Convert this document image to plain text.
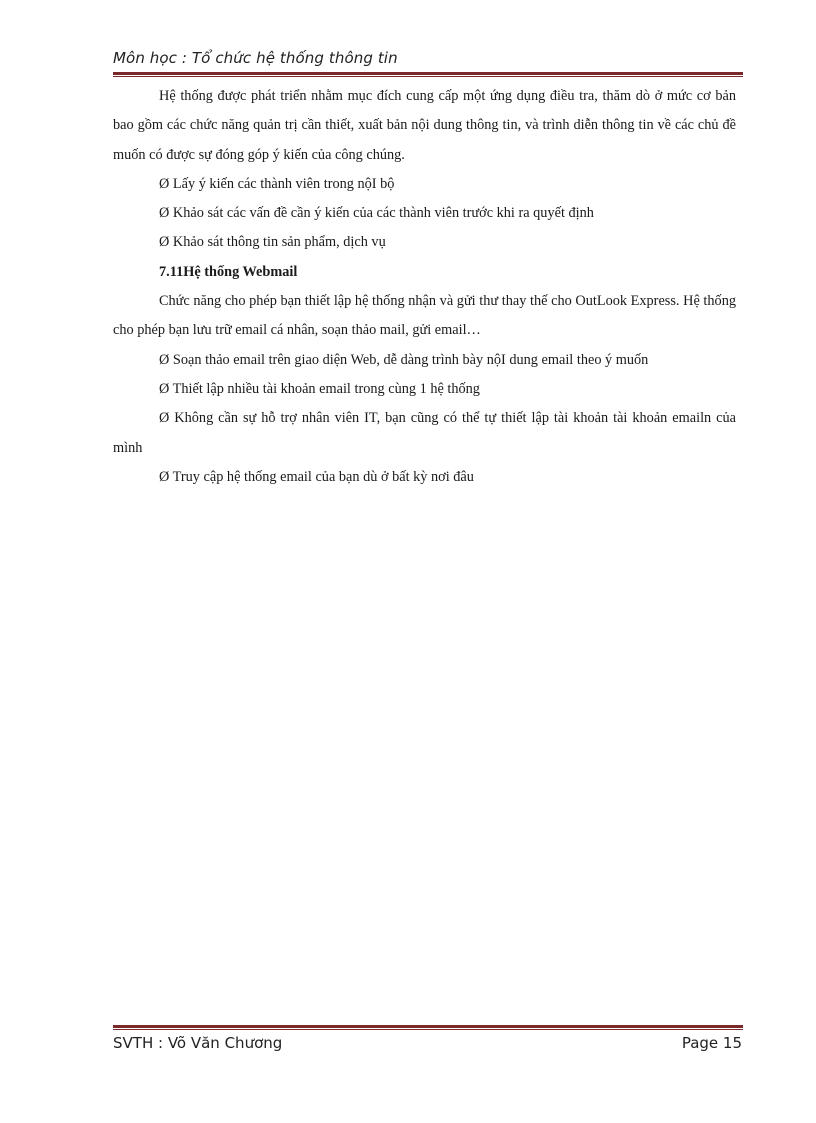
Môn học : Tổ chức hệ thống thông tin

Hệ thống được phát triển nhằm mục đích cung cấp một ứng dụng điều tra, thăm dò ở mức cơ bản bao gồm các chức năng quản trị cần thiết, xuất bản nội dung thông tin, và trình diễn thông tin về các chủ đề muốn có được sự đóng góp ý kiến của công chúng.

Ø Lấy ý kiến các thành viên trong nộI bộ

Ø Khảo sát các vấn đề cần ý kiến của các thành viên trước khi ra quyết định

Ø Khảo sát thông tin sản phẩm, dịch vụ

7.11Hệ thống Webmail

Chức năng cho phép bạn thiết lập hệ thống nhận và gửi thư thay thế cho OutLook Express. Hệ thống cho phép bạn lưu trữ email cá nhân, soạn thảo mail, gửi email…

Ø Soạn thảo email trên giao diện Web, dễ dàng trình bày nộI dung email theo ý muốn

Ø Thiết lập nhiều tài khoản email trong cùng 1 hệ thống

Ø Không cần sự hỗ trợ nhân viên IT, bạn cũng có thể tự thiết lập tài khoản tài khoản emailn của mình

Ø Truy cập hệ thống email của bạn dù ở bất kỳ nơi đâu

SVTH : Võ Văn Chương	Page 15
